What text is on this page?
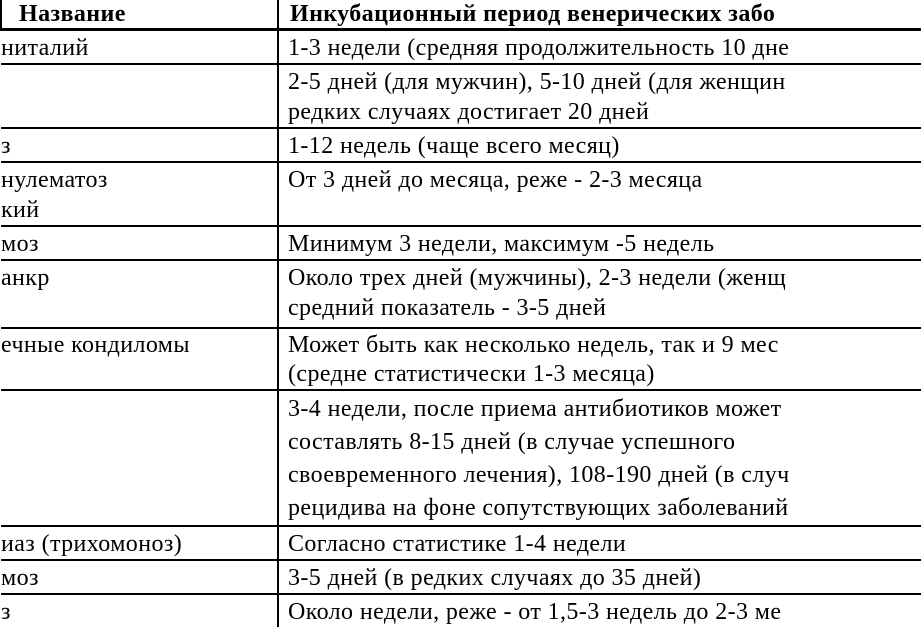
Название	Инкубационный период венерических забо

ниталий	1-3 недели (средняя продолжительность 10 дне

	2-5 дней (для мужчин), 5-10 дней (для женщин
редких случаях достигает 20 дней

з	1-12 недель (чаще всего месяц)

нулематоз
кий	От 3 дней до месяца, реже - 2-3 месяца

моз	Минимум 3 недели, максимум -5 недель

анкр	Около трех дней (мужчины), 2-3 недели (женщ
средний показатель - 3-5 дней

ечные кондиломы	Может быть как несколько недель, так и 9 мес
(средне статистически 1-3 месяца)

	3-4 недели, после приема антибиотиков может
составлять 8-15 дней (в случае успешного
своевременного лечения), 108-190 дней (в случ
рецидива на фоне сопутствующих заболеваний

иаз (трихомоноз)	Согласно статистике 1-4 недели

моз	3-5 дней (в редких случаях до 35 дней)

з	Около недели, реже - от 1,5-3 недель до 2-3 ме
